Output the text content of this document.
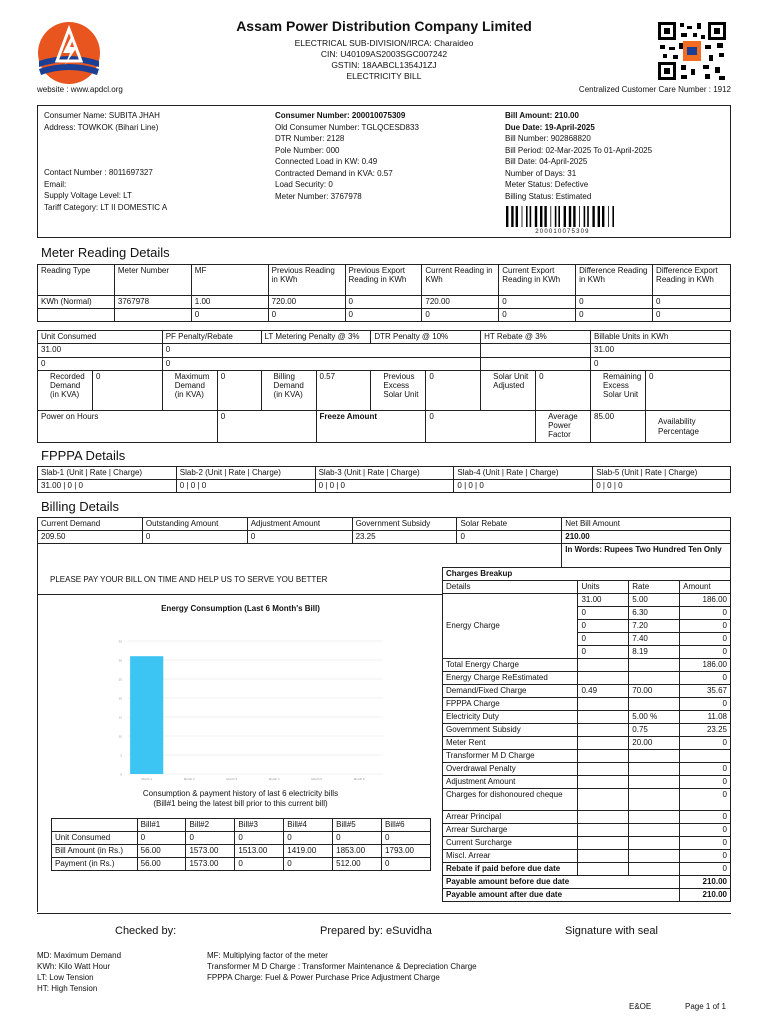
Assam Power Distribution Company Limited
ELECTRICAL SUB-DIVISION/IRCA: Charaideo
CIN: U40109AS2003SGC007242
GSTIN: 18AABCL1354J1ZJ
ELECTRICITY BILL
website : www.apdcl.org	Centralized Customer Care Number : 1912
Consumer Name: SUBITA JHAH
Address: TOWKOK (Bihari Line)
Contact Number : 8011697327
Email:
Supply Voltage Level: LT
Tariff Category: LT II DOMESTIC A
Consumer Number: 200010075309
Old Consumer Number: TGLQCESD833
DTR Number: 2128
Pole Number: 000
Connected Load in KW: 0.49
Contracted Demand in KVA: 0.57
Load Security: 0
Meter Number: 3767978
Bill Amount: 210.00
Due Date: 19-April-2025
Bill Number: 902868820
Bill Period: 02-Mar-2025 To 01-April-2025
Bill Date: 04-April-2025
Number of Days: 31
Meter Status: Defective
Billing Status: Estimated
200010075309
Meter Reading Details
Reading Type	Meter Number	MF	Previous Reading in KWh	Previous Export Reading in KWh	Current Reading in KWh	Current Export Reading in KWh	Difference Reading in KWh	Difference Export Reading in KWh
KWh (Normal)	3767978	1.00	720.00	0	720.00	0	0	0
		0	0	0	0	0	0	0
Unit Consumed		PF Penalty/Rebate		LT Metering Penalty @ 3%		DTR Penalty @ 10%		HT Rebate @ 3%		Billable Units in KWh	
31.00		0								31.00	
0		0								0	
Recorded Demand (in KVA)	0	Maximum Demand (in KVA)	0	Billing Demand (in KVA)	0.57	Previous Excess Solar Unit	0	Solar Unit Adjusted	0	Remaining Excess Solar Unit	0
Power on Hours			0		Freeze Amount		0		Average Power Factor	85.00	Availability Percentage
FPPPA Details
Slab-1 (Unit | Rate | Charge)	Slab-2 (Unit | Rate | Charge)	Slab-3 (Unit | Rate | Charge)	Slab-4 (Unit | Rate | Charge)	Slab-5 (Unit | Rate | Charge)
31.00 | 0 | 0	0 | 0 | 0	0 | 0 | 0	0 | 0 | 0	0 | 0 | 0
Billing Details
Current Demand	Outstanding Amount	Adjustment Amount	Government Subsidy	Solar Rebate	Net Bill Amount
209.50	0	0	23.25	0	210.00
					In Words: Rupees Two Hundred Ten Only
PLEASE PAY YOUR BILL ON TIME AND HELP US TO SERVE YOU BETTER
Energy Consumption (Last 6 Month's Bill)
0
5
10
15
20
25
30
35
Month 1	Month 2	Month 3	Month 4	Month 5	Month 6
Consumption & payment history of last 6 electricity bills
(Bill#1 being the latest bill prior to this current bill)
	Bill#1	Bill#2	Bill#3	Bill#4	Bill#5	Bill#6
Unit Consumed	0	0	0	0	0	0
Bill Amount (in Rs.)	56.00	1573.00	1513.00	1419.00	1853.00	1793.00
Payment (in Rs.)	56.00	1573.00	0	0	512.00	0
Charges Breakup			
Details	Units	Rate	Amount
Energy Charge	31.00	5.00	186.00
	0	6.30	0
	0	7.20	0
	0	7.40	0
	0	8.19	0
Total Energy Charge			186.00
Energy Charge ReEstimated			0
Demand/Fixed Charge	0.49	70.00	35.67
FPPPA Charge			0
Electricity Duty		5.00 %	11.08
Government Subsidy		0.75	23.25
Meter Rent		20.00	0
Transformer M D Charge			
Overdrawal Penalty			0
Adjustment Amount			0
Charges for dishonoured cheque			0
Arrear Principal			0
Arrear Surcharge			0
Current Surcharge			0
Miscl. Arrear			0
Rebate if paid before due date			0
Payable amount before due date			210.00
Payable amount after due date			210.00
Checked by:	Prepared by: eSuvidha	Signature with seal
MD: Maximum Demand
KWh: Kilo Watt Hour
LT: Low Tension
HT: High Tension
MF: Multiplying factor of the meter
Transformer M D Charge : Transformer Maintenance & Depreciation Charge
FPPPA Charge: Fuel & Power Purchase Price Adjustment Charge
E&OE	Page 1 of 1
